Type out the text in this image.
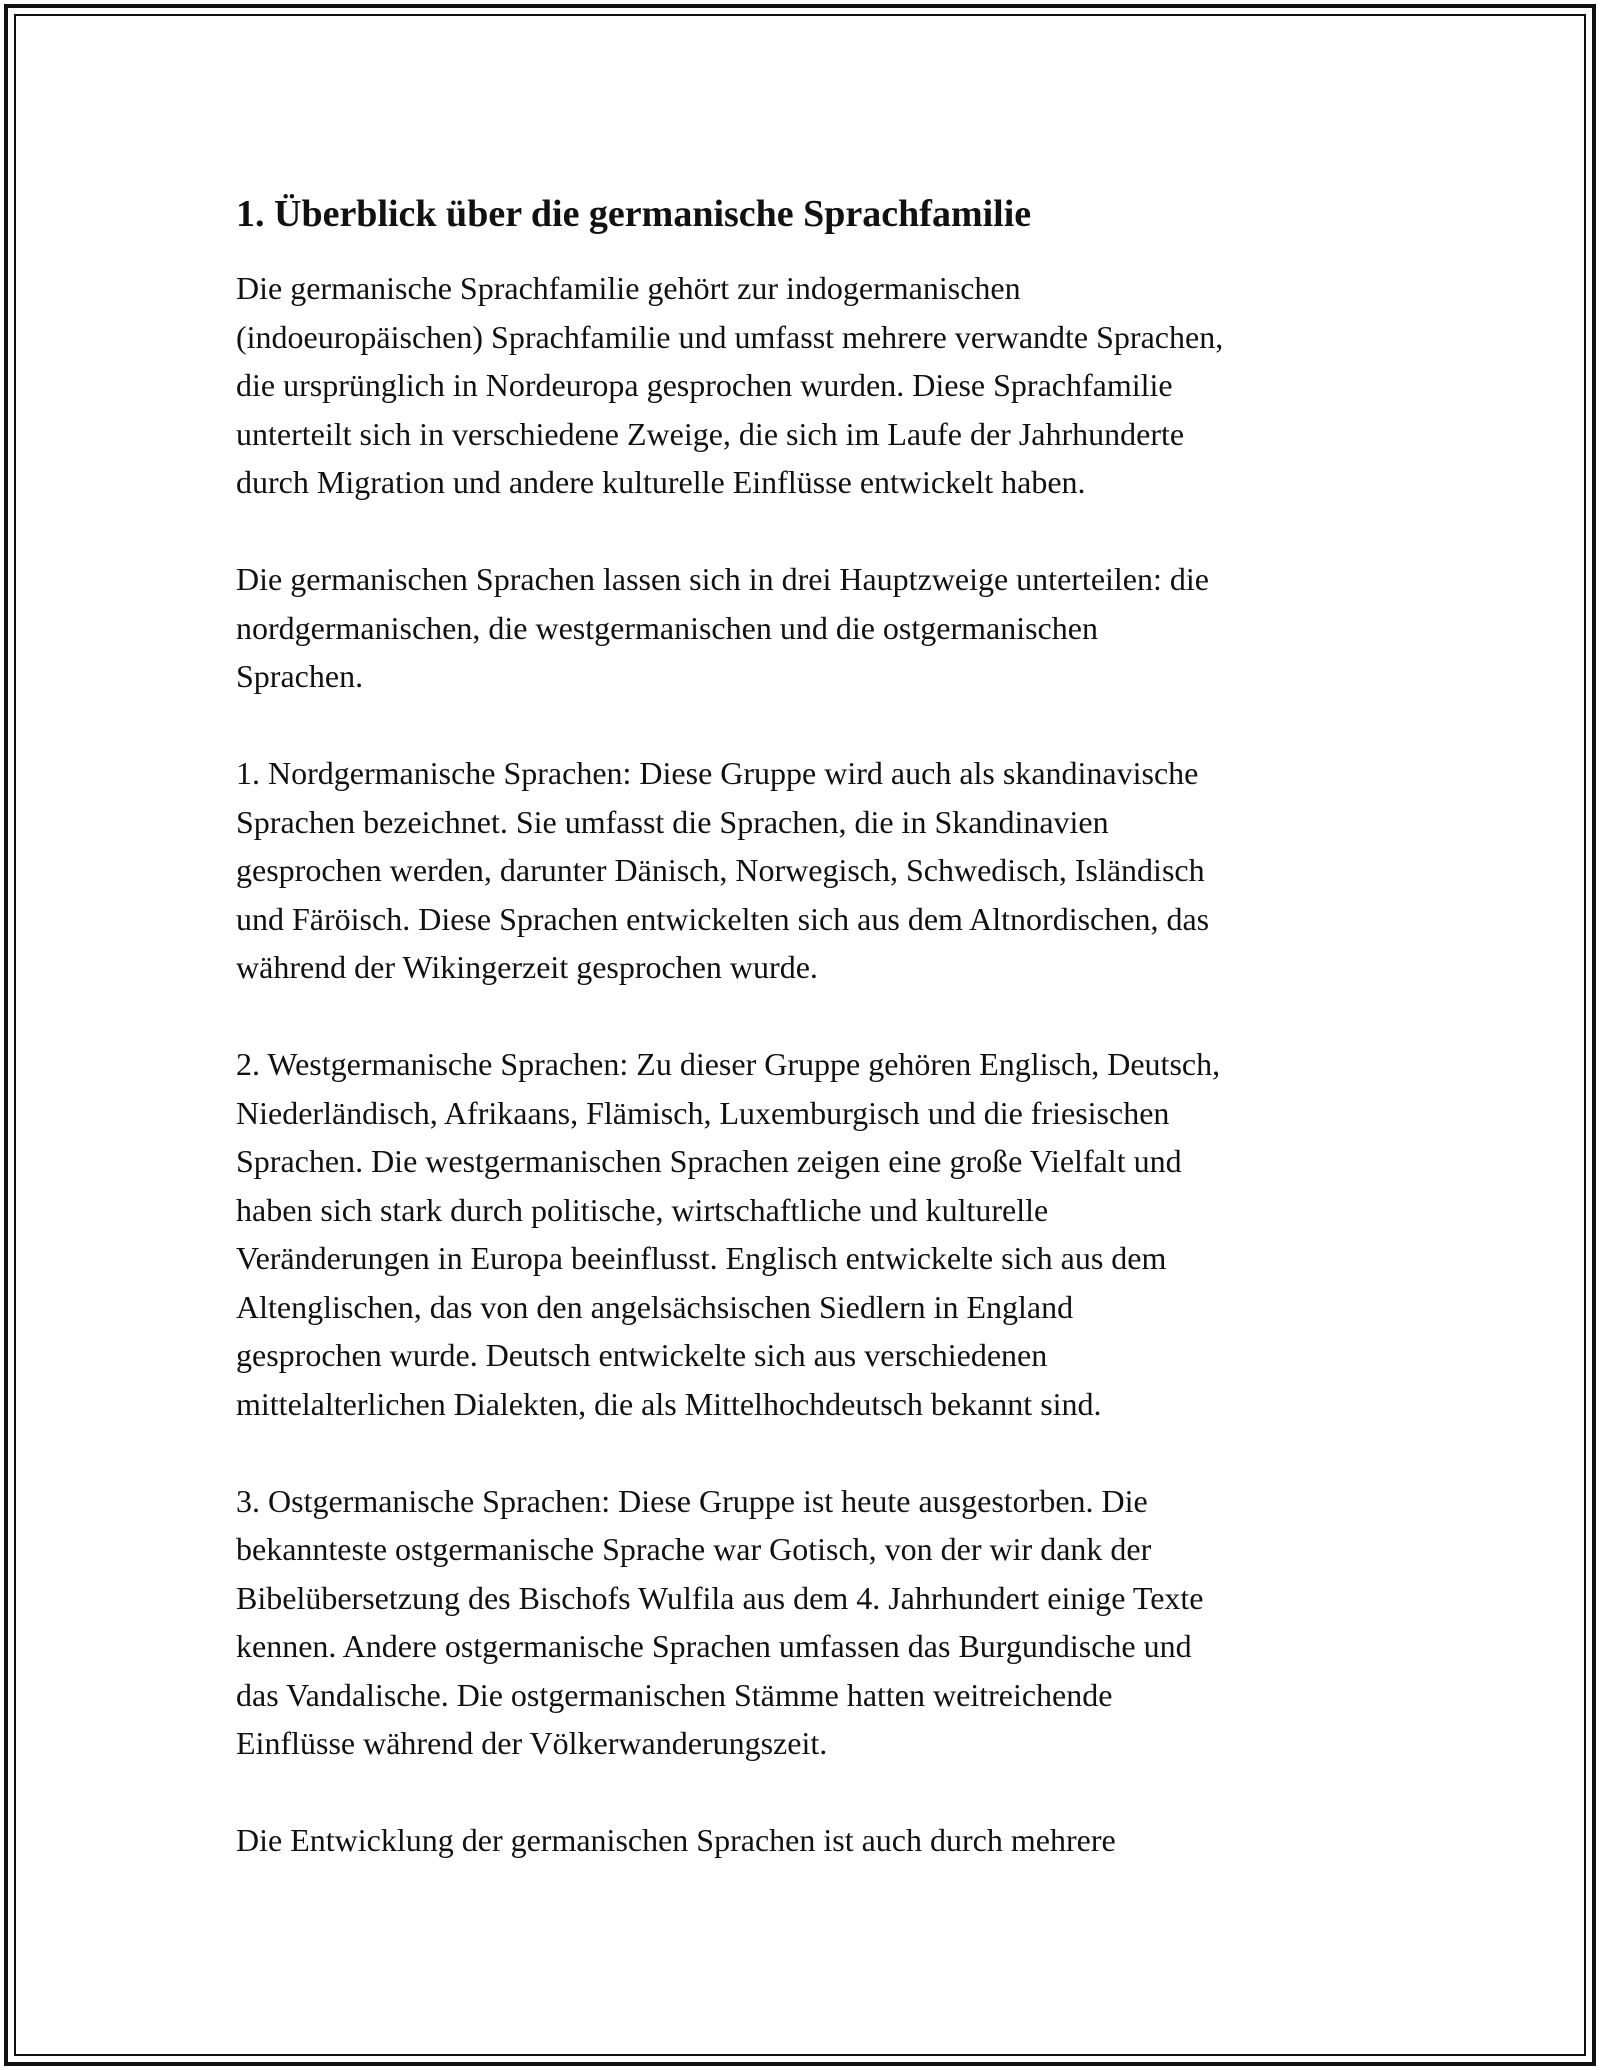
1. Überblick über die germanische Sprachfamilie

Die germanische Sprachfamilie gehört zur indogermanischen
(indoeuropäischen) Sprachfamilie und umfasst mehrere verwandte Sprachen,
die ursprünglich in Nordeuropa gesprochen wurden. Diese Sprachfamilie
unterteilt sich in verschiedene Zweige, die sich im Laufe der Jahrhunderte
durch Migration und andere kulturelle Einflüsse entwickelt haben.

Die germanischen Sprachen lassen sich in drei Hauptzweige unterteilen: die
nordgermanischen, die westgermanischen und die ostgermanischen
Sprachen.

1. Nordgermanische Sprachen: Diese Gruppe wird auch als skandinavische
Sprachen bezeichnet. Sie umfasst die Sprachen, die in Skandinavien
gesprochen werden, darunter Dänisch, Norwegisch, Schwedisch, Isländisch
und Färöisch. Diese Sprachen entwickelten sich aus dem Altnordischen, das
während der Wikingerzeit gesprochen wurde.

2. Westgermanische Sprachen: Zu dieser Gruppe gehören Englisch, Deutsch,
Niederländisch, Afrikaans, Flämisch, Luxemburgisch und die friesischen
Sprachen. Die westgermanischen Sprachen zeigen eine große Vielfalt und
haben sich stark durch politische, wirtschaftliche und kulturelle
Veränderungen in Europa beeinflusst. Englisch entwickelte sich aus dem
Altenglischen, das von den angelsächsischen Siedlern in England
gesprochen wurde. Deutsch entwickelte sich aus verschiedenen
mittelalterlichen Dialekten, die als Mittelhochdeutsch bekannt sind.

3. Ostgermanische Sprachen: Diese Gruppe ist heute ausgestorben. Die
bekannteste ostgermanische Sprache war Gotisch, von der wir dank der
Bibelübersetzung des Bischofs Wulfila aus dem 4. Jahrhundert einige Texte
kennen. Andere ostgermanische Sprachen umfassen das Burgundische und
das Vandalische. Die ostgermanischen Stämme hatten weitreichende
Einflüsse während der Völkerwanderungszeit.

Die Entwicklung der germanischen Sprachen ist auch durch mehrere
